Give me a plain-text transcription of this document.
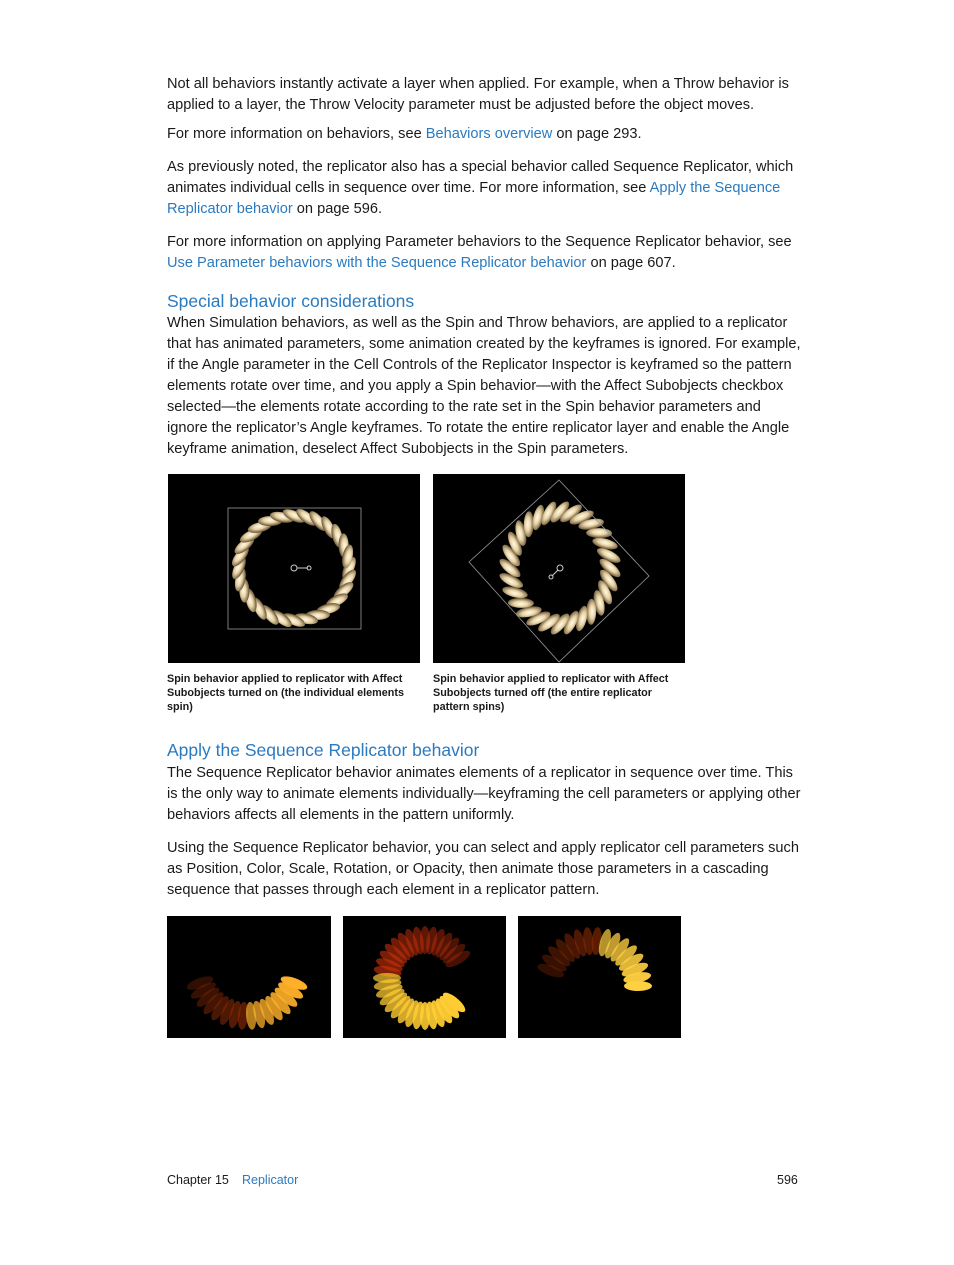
Not all behaviors instantly activate a layer when applied. For example, when a Throw behavior is applied to a layer, the Throw Velocity parameter must be adjusted before the object moves.

For more information on behaviors, see Behaviors overview on page 293.

As previously noted, the replicator also has a special behavior called Sequence Replicator, which animates individual cells in sequence over time. For more information, see Apply the Sequence Replicator behavior on page 596.

For more information on applying Parameter behaviors to the Sequence Replicator behavior, see Use Parameter behaviors with the Sequence Replicator behavior on page 607.

Special behavior considerations

When Simulation behaviors, as well as the Spin and Throw behaviors, are applied to a replicator that has animated parameters, some animation created by the keyframes is ignored. For example, if the Angle parameter in the Cell Controls of the Replicator Inspector is keyframed so the pattern elements rotate over time, and you apply a Spin behavior—with the Affect Subobjects checkbox selected—the elements rotate according to the rate set in the Spin behavior parameters and ignore the replicator’s Angle keyframes. To rotate the entire replicator layer and enable the Angle keyframe animation, deselect Affect Subobjects in the Spin parameters.

Spin behavior applied to replicator with Affect Subobjects turned on (the individual elements spin)

Spin behavior applied to replicator with Affect Subobjects turned off (the entire replicator pattern spins)

Apply the Sequence Replicator behavior

The Sequence Replicator behavior animates elements of a replicator in sequence over time. This is the only way to animate elements individually—keyframing the cell parameters or applying other behaviors affects all elements in the pattern uniformly.

Using the Sequence Replicator behavior, you can select and apply replicator cell parameters such as Position, Color, Scale, Rotation, or Opacity, then animate those parameters in a cascading sequence that passes through each element in a replicator pattern.

Chapter 15 Replicator	596
